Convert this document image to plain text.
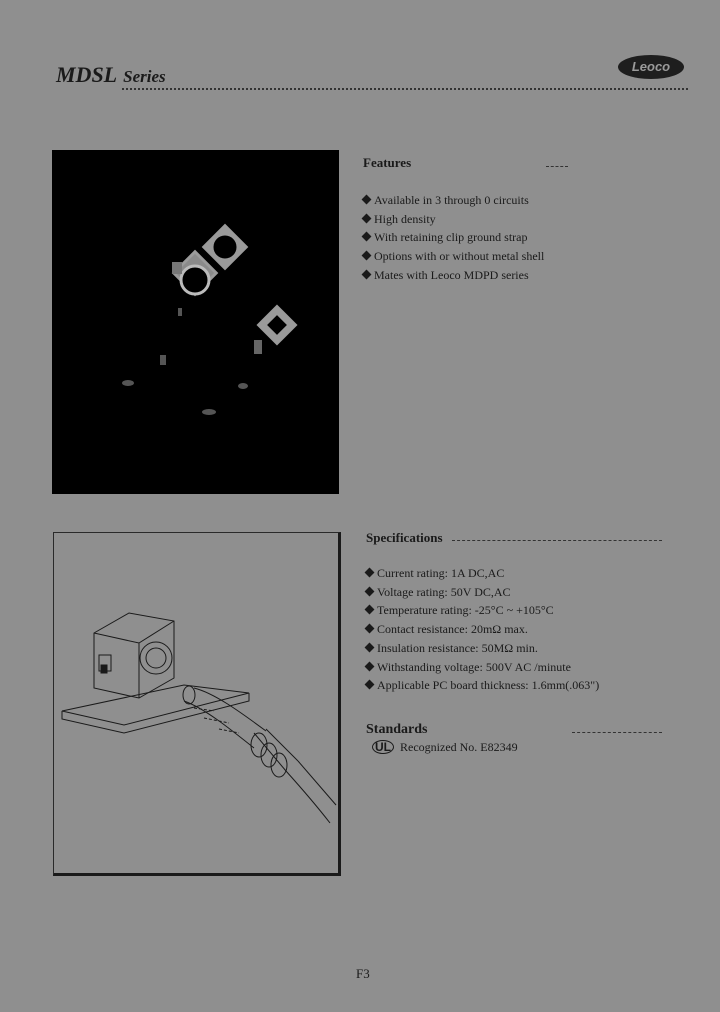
MDSL Series
Leoco
Features
Available in 3 through 0 circuits
High density
With retaining clip ground strap
Options with or without metal shell
Mates with Leoco MDPD series
Specifications
Current rating: 1A DC,AC
Voltage rating: 50V DC,AC
Temperature rating: -25°C ~ +105°C
Contact resistance: 20mΩ max.
Insulation resistance: 50MΩ min.
Withstanding voltage: 500V AC /minute
Applicable PC board thickness: 1.6mm(.063")
Standards
UL Recognized No. E82349
F3
